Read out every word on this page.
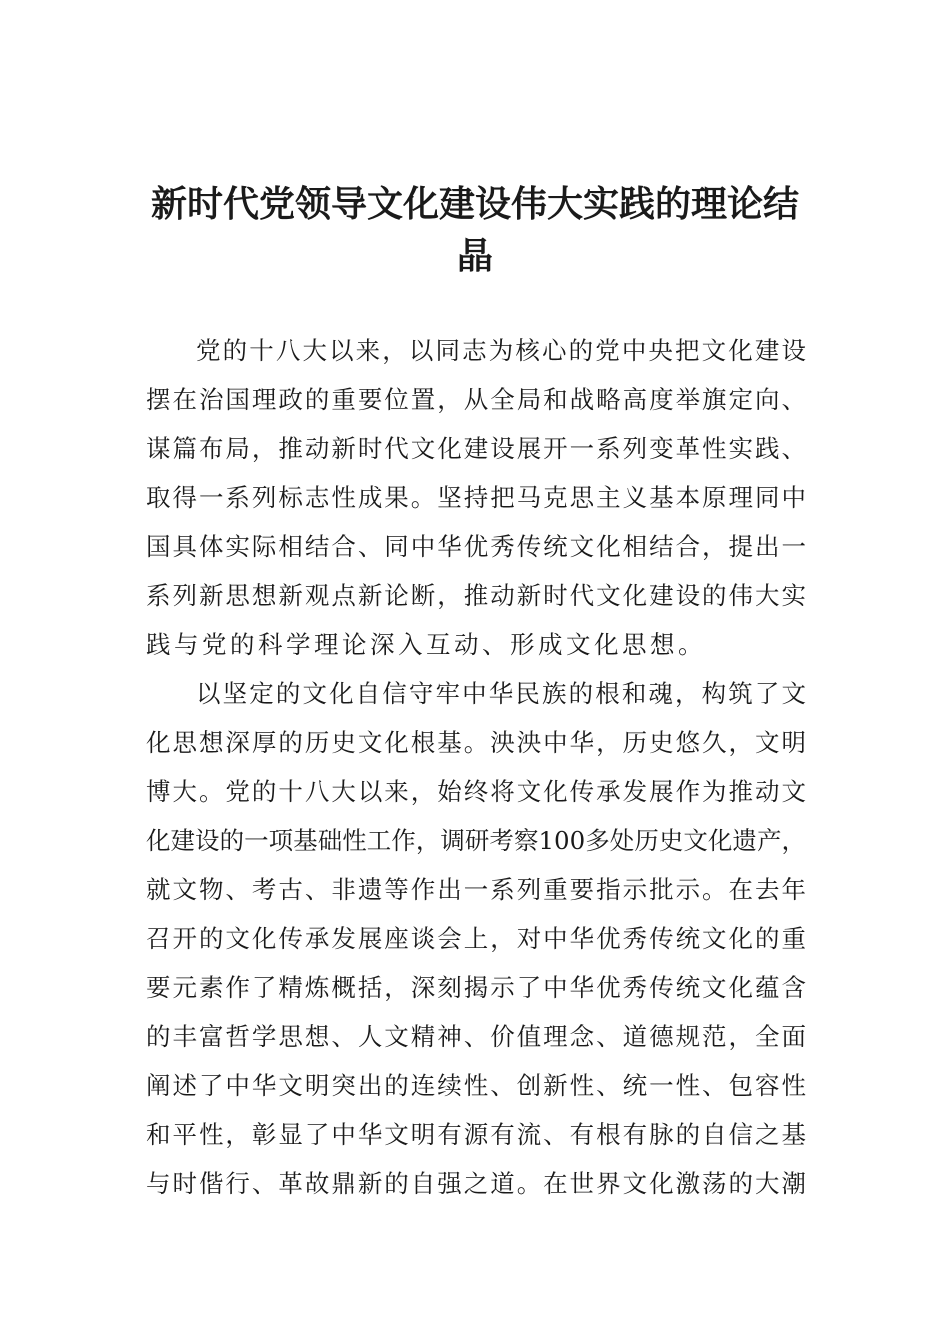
新时代党领导文化建设伟大实践的理论结
晶
党的十八大以来，以同志为核心的党中央把文化建设
摆在治国理政的重要位置，从全局和战略高度举旗定向、
谋篇布局，推动新时代文化建设展开一系列变革性实践、
取得一系列标志性成果。坚持把马克思主义基本原理同中
国具体实际相结合、同中华优秀传统文化相结合，提出一
系列新思想新观点新论断，推动新时代文化建设的伟大实
践与党的科学理论深入互动、形成文化思想。
以坚定的文化自信守牢中华民族的根和魂，构筑了文
化思想深厚的历史文化根基。泱泱中华，历史悠久，文明
博大。党的十八大以来，始终将文化传承发展作为推动文
化建设的一项基础性工作，调研考察100多处历史文化遗产，
就文物、考古、非遗等作出一系列重要指示批示。在去年
召开的文化传承发展座谈会上，对中华优秀传统文化的重
要元素作了精炼概括，深刻揭示了中华优秀传统文化蕴含
的丰富哲学思想、人文精神、价值理念、道德规范，全面
阐述了中华文明突出的连续性、创新性、统一性、包容性
和平性，彰显了中华文明有源有流、有根有脉的自信之基
与时偕行、革故鼎新的自强之道。在世界文化激荡的大潮
